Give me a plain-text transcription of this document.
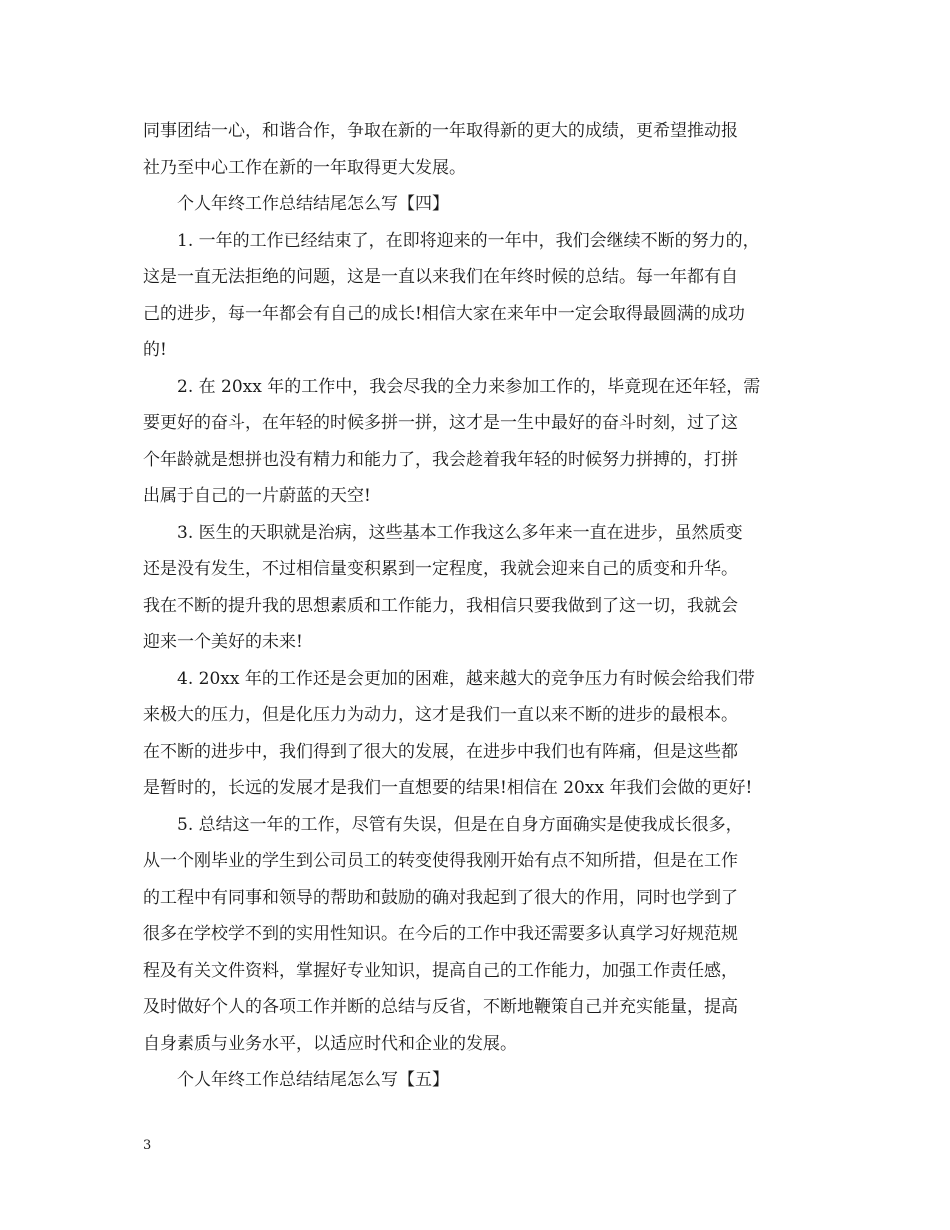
同事团结一心，和谐合作，争取在新的一年取得新的更大的成绩，更希望推动报
社乃至中心工作在新的一年取得更大发展。
个人年终工作总结结尾怎么写【四】
1. 一年的工作已经结束了，在即将迎来的一年中，我们会继续不断的努力的，
这是一直无法拒绝的问题，这是一直以来我们在年终时候的总结。每一年都有自
己的进步，每一年都会有自己的成长!相信大家在来年中一定会取得最圆满的成功
的!
2. 在 20xx 年的工作中，我会尽我的全力来参加工作的，毕竟现在还年轻，需
要更好的奋斗，在年轻的时候多拼一拼，这才是一生中最好的奋斗时刻，过了这
个年龄就是想拼也没有精力和能力了，我会趁着我年轻的时候努力拼搏的，打拼
出属于自己的一片蔚蓝的天空!
3. 医生的天职就是治病，这些基本工作我这么多年来一直在进步，虽然质变
还是没有发生，不过相信量变积累到一定程度，我就会迎来自己的质变和升华。
我在不断的提升我的思想素质和工作能力，我相信只要我做到了这一切，我就会
迎来一个美好的未来!
4. 20xx 年的工作还是会更加的困难，越来越大的竞争压力有时候会给我们带
来极大的压力，但是化压力为动力，这才是我们一直以来不断的进步的最根本。
在不断的进步中，我们得到了很大的发展，在进步中我们也有阵痛，但是这些都
是暂时的，长远的发展才是我们一直想要的结果!相信在 20xx 年我们会做的更好!
5. 总结这一年的工作，尽管有失误，但是在自身方面确实是使我成长很多，
从一个刚毕业的学生到公司员工的转变使得我刚开始有点不知所措，但是在工作
的工程中有同事和领导的帮助和鼓励的确对我起到了很大的作用，同时也学到了
很多在学校学不到的实用性知识。在今后的工作中我还需要多认真学习好规范规
程及有关文件资料，掌握好专业知识，提高自己的工作能力，加强工作责任感，
及时做好个人的各项工作并断的总结与反省，不断地鞭策自己并充实能量，提高
自身素质与业务水平，以适应时代和企业的发展。
个人年终工作总结结尾怎么写【五】
3
